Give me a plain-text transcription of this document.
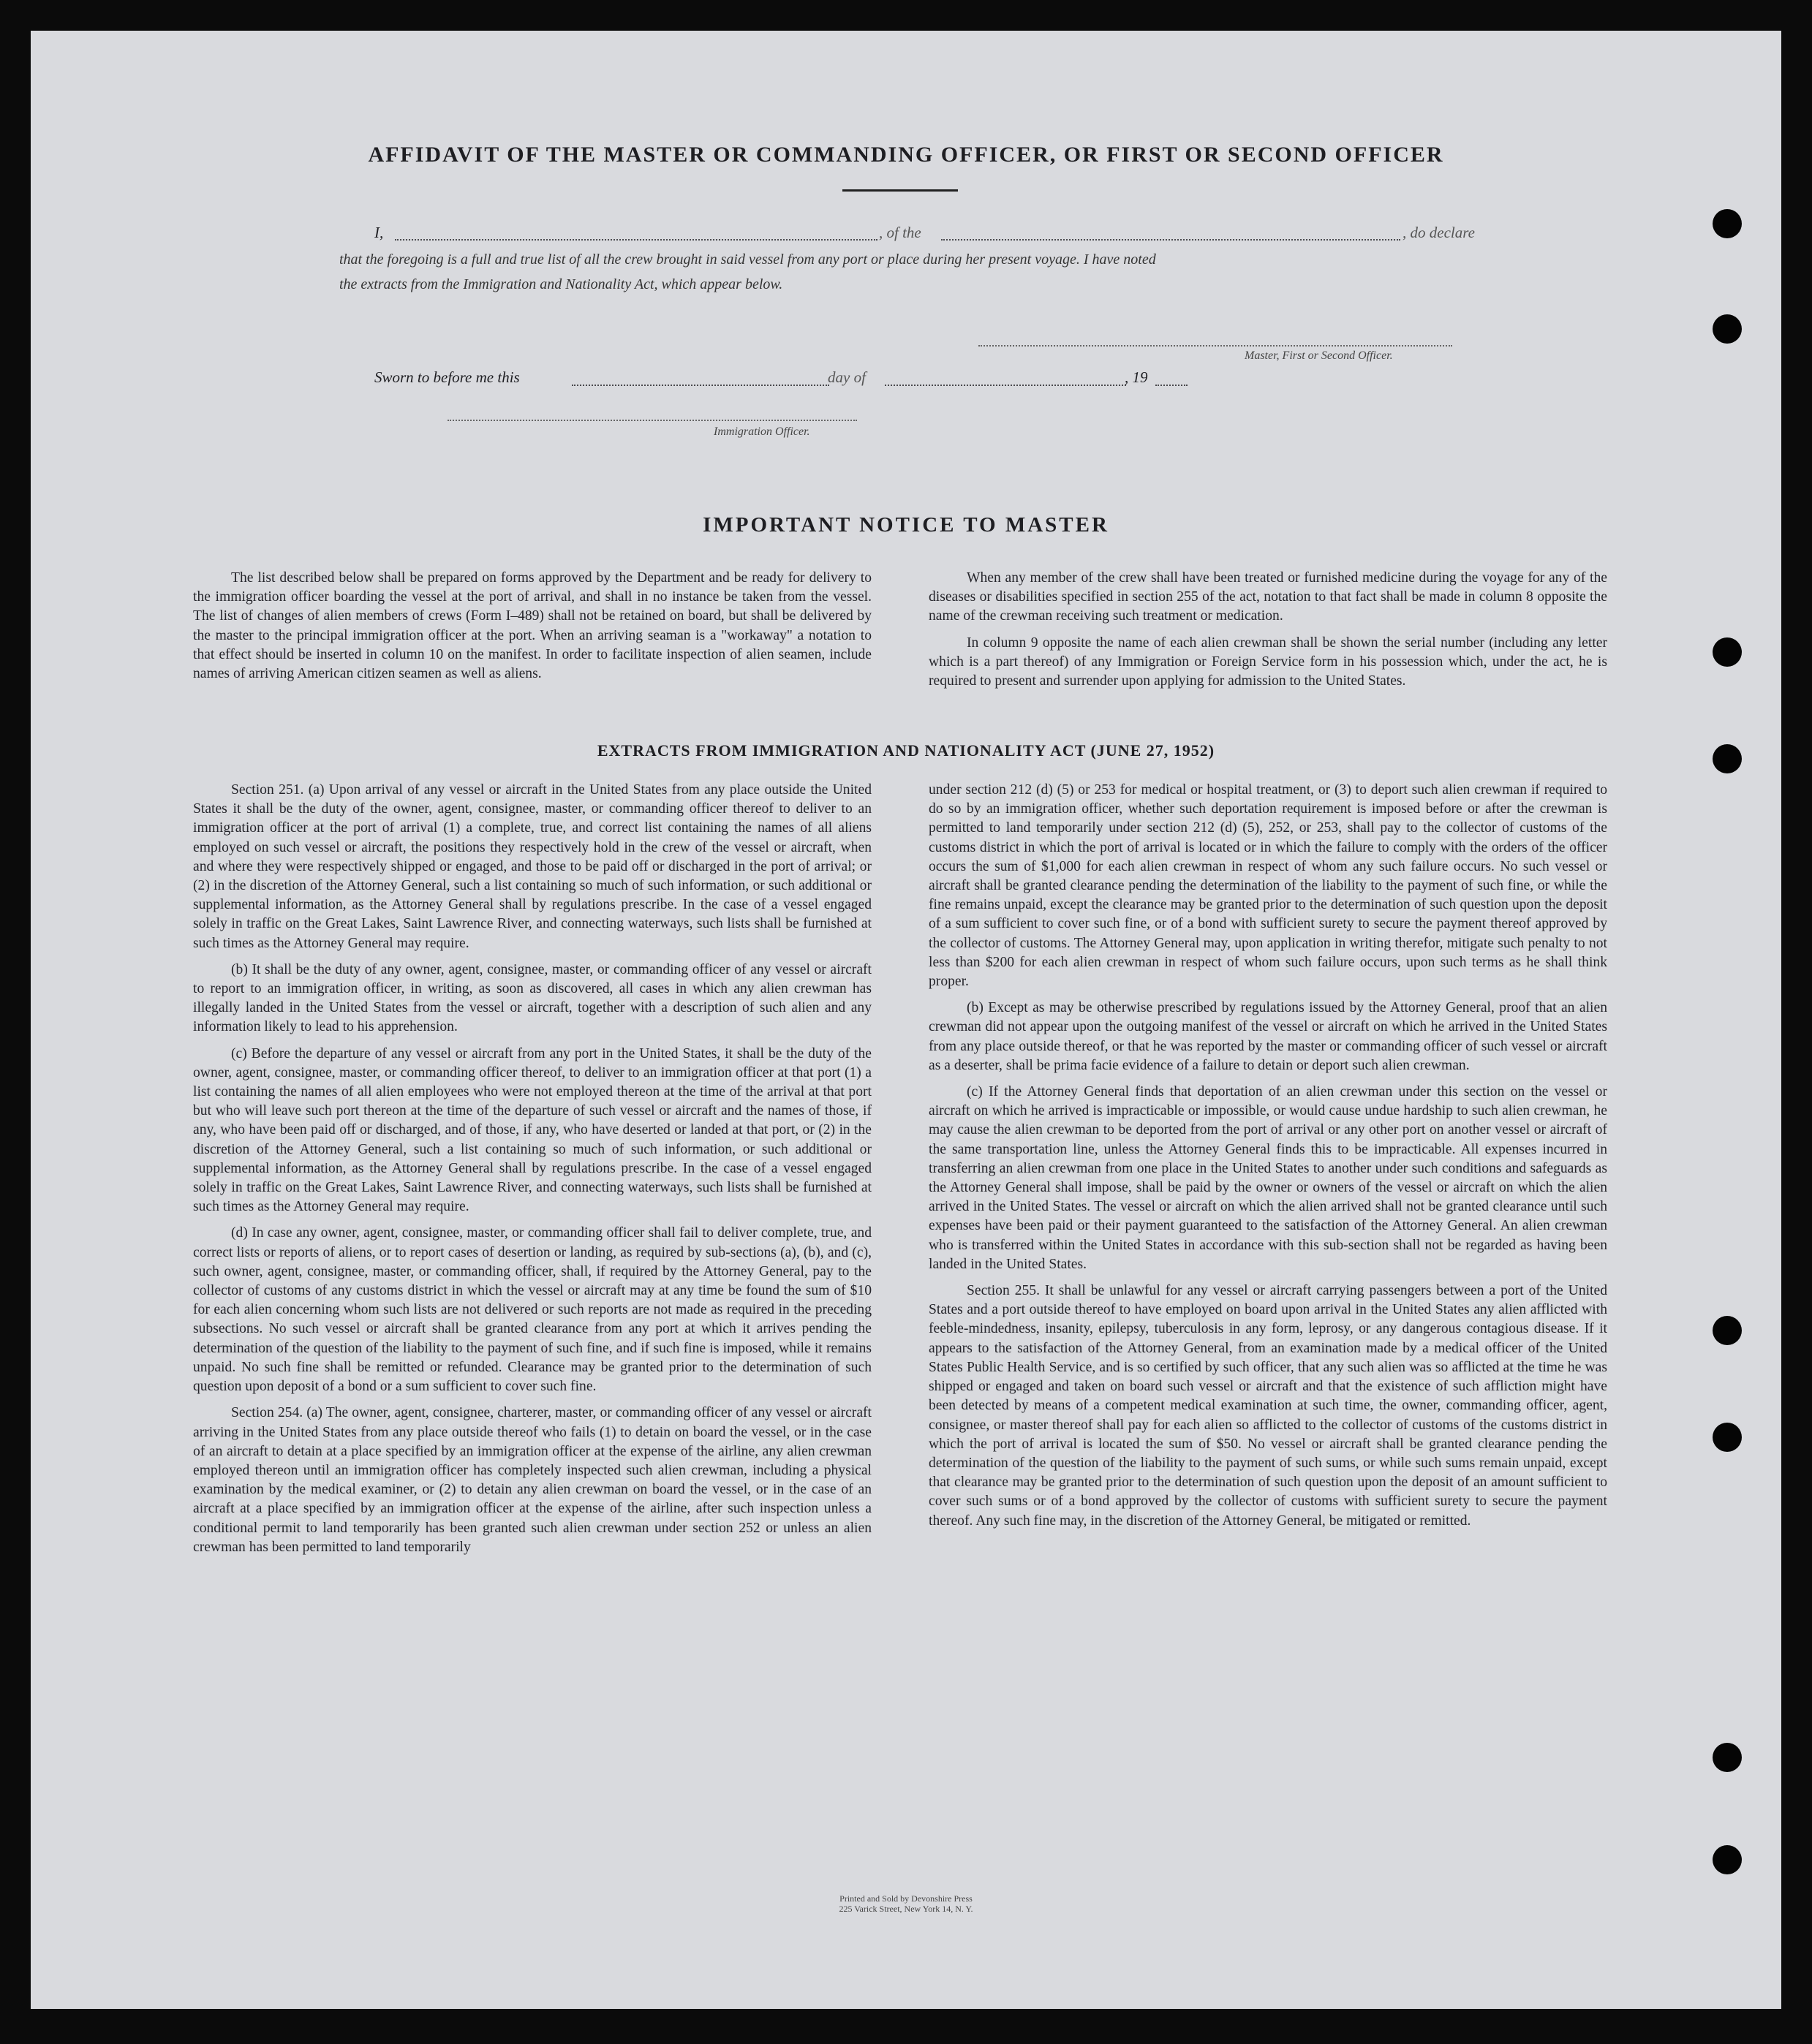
AFFIDAVIT OF THE MASTER OR COMMANDING OFFICER, OR FIRST OR SECOND OFFICER
I,	, of the	, do declare
that the foregoing is a full and true list of all the crew brought in said vessel from any port or place during her present voyage. I have noted
the extracts from the Immigration and Nationality Act, which appear below.
Master, First or Second Officer.
Sworn to before me this	day of	, 19
Immigration Officer.
IMPORTANT NOTICE TO MASTER

The list described below shall be prepared on forms approved by the Department and be ready for delivery to the immigration officer boarding the vessel at the port of arrival, and shall in no instance be taken from the vessel. The list of changes of alien members of crews (Form I–489) shall not be retained on board, but shall be delivered by the master to the principal immigration officer at the port. When an arriving seaman is a "workaway" a notation to that effect should be inserted in column 10 on the manifest. In order to facilitate inspection of alien seamen, include names of arriving American citizen seamen as well as aliens.

When any member of the crew shall have been treated or furnished medicine during the voyage for any of the diseases or disabilities specified in section 255 of the act, notation to that fact shall be made in column 8 opposite the name of the crewman receiving such treatment or medication.

In column 9 opposite the name of each alien crewman shall be shown the serial number (including any letter which is a part thereof) of any Immigration or Foreign Service form in his possession which, under the act, he is required to present and surrender upon applying for admission to the United States.

EXTRACTS FROM IMMIGRATION AND NATIONALITY ACT (JUNE 27, 1952)

Section 251. (a) Upon arrival of any vessel or aircraft in the United States from any place outside the United States it shall be the duty of the owner, agent, consignee, master, or commanding officer thereof to deliver to an immigration officer at the port of arrival (1) a complete, true, and correct list containing the names of all aliens employed on such vessel or aircraft, the positions they respectively hold in the crew of the vessel or aircraft, when and where they were respectively shipped or engaged, and those to be paid off or discharged in the port of arrival; or (2) in the discretion of the Attorney General, such a list containing so much of such information, or such additional or supplemental information, as the Attorney General shall by regulations prescribe. In the case of a vessel engaged solely in traffic on the Great Lakes, Saint Lawrence River, and connecting waterways, such lists shall be furnished at such times as the Attorney General may require.

(b) It shall be the duty of any owner, agent, consignee, master, or commanding officer of any vessel or aircraft to report to an immigration officer, in writing, as soon as discovered, all cases in which any alien crewman has illegally landed in the United States from the vessel or aircraft, together with a description of such alien and any information likely to lead to his apprehension.

(c) Before the departure of any vessel or aircraft from any port in the United States, it shall be the duty of the owner, agent, consignee, master, or commanding officer thereof, to deliver to an immigration officer at that port (1) a list containing the names of all alien employees who were not employed thereon at the time of the arrival at that port but who will leave such port thereon at the time of the departure of such vessel or aircraft and the names of those, if any, who have been paid off or discharged, and of those, if any, who have deserted or landed at that port, or (2) in the discretion of the Attorney General, such a list containing so much of such information, or such additional or supplemental information, as the Attorney General shall by regulations prescribe. In the case of a vessel engaged solely in traffic on the Great Lakes, Saint Lawrence River, and connecting waterways, such lists shall be furnished at such times as the Attorney General may require.

(d) In case any owner, agent, consignee, master, or commanding officer shall fail to deliver complete, true, and correct lists or reports of aliens, or to report cases of desertion or landing, as required by sub-sections (a), (b), and (c), such owner, agent, consignee, master, or commanding officer, shall, if required by the Attorney General, pay to the collector of customs of any customs district in which the vessel or aircraft may at any time be found the sum of $10 for each alien concerning whom such lists are not delivered or such reports are not made as required in the preceding subsections. No such vessel or aircraft shall be granted clearance from any port at which it arrives pending the determination of the question of the liability to the payment of such fine, and if such fine is imposed, while it remains unpaid. No such fine shall be remitted or refunded. Clearance may be granted prior to the determination of such question upon deposit of a bond or a sum sufficient to cover such fine.

Section 254. (a) The owner, agent, consignee, charterer, master, or commanding officer of any vessel or aircraft arriving in the United States from any place outside thereof who fails (1) to detain on board the vessel, or in the case of an aircraft to detain at a place specified by an immigration officer at the expense of the airline, any alien crewman employed thereon until an immigration officer has completely inspected such alien crewman, including a physical examination by the medical examiner, or (2) to detain any alien crewman on board the vessel, or in the case of an aircraft at a place specified by an immigration officer at the expense of the airline, after such inspection unless a conditional permit to land temporarily has been granted such alien crewman under section 252 or unless an alien crewman has been permitted to land temporarily

under section 212 (d) (5) or 253 for medical or hospital treatment, or (3) to deport such alien crewman if required to do so by an immigration officer, whether such deportation requirement is imposed before or after the crewman is permitted to land temporarily under section 212 (d) (5), 252, or 253, shall pay to the collector of customs of the customs district in which the port of arrival is located or in which the failure to comply with the orders of the officer occurs the sum of $1,000 for each alien crewman in respect of whom any such failure occurs. No such vessel or aircraft shall be granted clearance pending the determination of the liability to the payment of such fine, or while the fine remains unpaid, except the clearance may be granted prior to the determination of such question upon the deposit of a sum sufficient to cover such fine, or of a bond with sufficient surety to secure the payment thereof approved by the collector of customs. The Attorney General may, upon application in writing therefor, mitigate such penalty to not less than $200 for each alien crewman in respect of whom such failure occurs, upon such terms as he shall think proper.

(b) Except as may be otherwise prescribed by regulations issued by the Attorney General, proof that an alien crewman did not appear upon the outgoing manifest of the vessel or aircraft on which he arrived in the United States from any place outside thereof, or that he was reported by the master or commanding officer of such vessel or aircraft as a deserter, shall be prima facie evidence of a failure to detain or deport such alien crewman.

(c) If the Attorney General finds that deportation of an alien crewman under this section on the vessel or aircraft on which he arrived is impracticable or impossible, or would cause undue hardship to such alien crewman, he may cause the alien crewman to be deported from the port of arrival or any other port on another vessel or aircraft of the same transportation line, unless the Attorney General finds this to be impracticable. All expenses incurred in transferring an alien crewman from one place in the United States to another under such conditions and safeguards as the Attorney General shall impose, shall be paid by the owner or owners of the vessel or aircraft on which the alien arrived in the United States. The vessel or aircraft on which the alien arrived shall not be granted clearance until such expenses have been paid or their payment guaranteed to the satisfaction of the Attorney General. An alien crewman who is transferred within the United States in accordance with this sub-section shall not be regarded as having been landed in the United States.

Section 255. It shall be unlawful for any vessel or aircraft carrying passengers between a port of the United States and a port outside thereof to have employed on board upon arrival in the United States any alien afflicted with feeble-mindedness, insanity, epilepsy, tuberculosis in any form, leprosy, or any dangerous contagious disease. If it appears to the satisfaction of the Attorney General, from an examination made by a medical officer of the United States Public Health Service, and is so certified by such officer, that any such alien was so afflicted at the time he was shipped or engaged and taken on board such vessel or aircraft and that the existence of such affliction might have been detected by means of a competent medical examination at such time, the owner, commanding officer, agent, consignee, or master thereof shall pay for each alien so afflicted to the collector of customs of the customs district in which the port of arrival is located the sum of $50. No vessel or aircraft shall be granted clearance pending the determination of the question of the liability to the payment of such sums, or while such sums remain unpaid, except that clearance may be granted prior to the determination of such question upon the deposit of an amount sufficient to cover such sums or of a bond approved by the collector of customs with sufficient surety to secure the payment thereof. Any such fine may, in the discretion of the Attorney General, be mitigated or remitted.

Printed and Sold by Devonshire Press
225 Varick Street, New York 14, N. Y.
